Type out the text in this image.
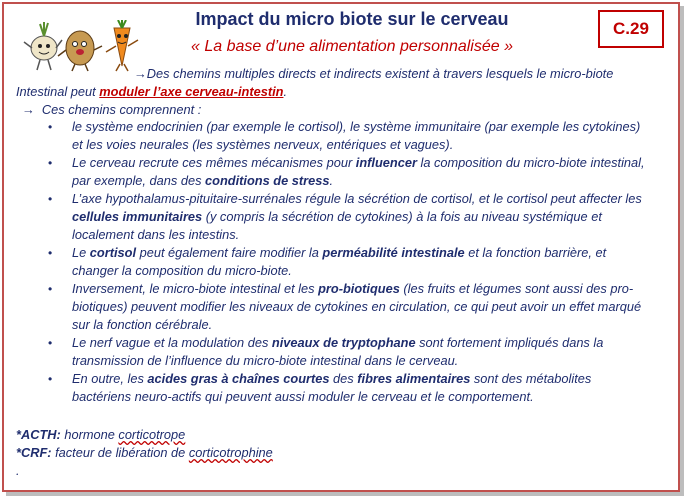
Impact du micro biote sur le cerveau
« La base d’une alimentation personnalisée »
C.29
→Des chemins multiples directs et indirects existent à travers lesquels le micro-biote
Intestinal peut moduler l’axe cerveau-intestin.
→ Ces chemins comprennent :
• le système endocrinien (par exemple le cortisol), le système immunitaire (par exemple les cytokines) et les voies neurales (les systèmes nerveux, entériques et vagues).
• Le cerveau recrute ces mêmes mécanismes pour influencer la composition du micro-biote intestinal, par exemple, dans des conditions de stress.
• L’axe hypothalamus-pituitaire-surrénales régule la sécrétion de cortisol, et le cortisol peut affecter les cellules immunitaires (y compris la sécrétion de cytokines) à la fois au niveau systémique et localement dans les intestins.
• Le cortisol peut également faire modifier la perméabilité intestinale et la fonction barrière, et changer la composition du micro-biote.
• Inversement, le micro-biote intestinal et les pro-biotiques (les fruits et légumes sont aussi des pro-biotiques) peuvent modifier les niveaux de cytokines en circulation, ce qui peut avoir un effet marqué sur la fonction cérébrale.
• Le nerf vague et la modulation des niveaux de tryptophane sont fortement impliqués dans la transmission de l’influence du micro-biote intestinal dans le cerveau.
• En outre, les acides gras à chaînes courtes des fibres alimentaires sont des métabolites bactériens neuro-actifs qui peuvent aussi moduler le cerveau et le comportement.
*ACTH: hormone corticotrope
*CRF: facteur de libération de corticotrophine
.
